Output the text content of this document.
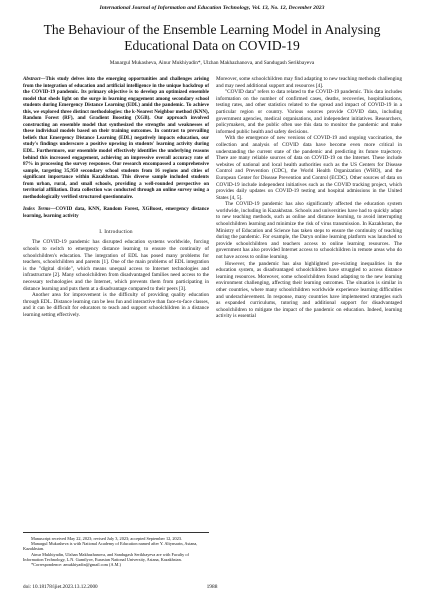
International Journal of Information and Education Technology, Vol. 13, No. 12, December 2023
The Behaviour of the Ensemble Learning Model in Analysing Educational Data on COVID-19
Manargul Mukasheva, Ainur Mukhiyadin*, Ulzhan Makhazhanova, and Sandugash Serikbayeva

Abstract—This study delves into the emerging opportunities and challenges arising from the integration of education and artificial intelligence in the unique backdrop of the COVID-19 pandemic. Its primary objective is to develop an optimized ensemble model that sheds light on the surge in learning engagement among secondary school students during Emergency Distance Learning (EDL) amid the pandemic. To achieve this, we explored three distinct methodologies: the k-Nearest Neighbor method (KNN), Random Forest (RF), and Gradient Boosting (XGB). Our approach involved constructing an ensemble model that synthesized the strengths and weaknesses of these individual models based on their training outcomes. In contrast to prevailing beliefs that Emergency Distance Learning (EDL) negatively impacts education, our study's findings underscore a positive upswing in students' learning activity during EDL. Furthermore, our ensemble model effectively identifies the underlying reasons behind this increased engagement, achieving an impressive overall accuracy rate of 87% in processing the survey responses. Our research encompassed a comprehensive sample, targeting 35,950 secondary school students from 16 regions and cities of significant importance within Kazakhstan. This diverse sample included students from urban, rural, and small schools, providing a well-rounded perspective on territorial affiliation. Data collection was conducted through an online survey using a methodologically verified structured questionnaire.

Index Terms—COVID data, KNN, Random Forest, XGBoost, emergency distance learning, learning activity

I. Introduction

The COVID-19 pandemic has disrupted education systems worldwide, forcing schools to switch to emergency distance learning to ensure the continuity of schoolchildren's education. The integration of EDL has posed many problems for teachers, schoolchildren and parents [1]. One of the main problems of EDL integration is the "digital divide", which means unequal access to Internet technologies and infrastructure [2]. Many schoolchildren from disadvantaged families need access to the necessary technologies and the Internet, which prevents them from participating in distance learning and puts them at a disadvantage compared to their peers [3].

Another area for improvement is the difficulty of providing quality education through EDL. Distance learning can be less fun and interactive than face-to-face classes, and it can be difficult for educators to teach and support schoolchildren in a distance learning setting effectively.

Moreover, some schoolchildren may find adapting to new teaching methods challenging and may need additional support and resources [4].

"COVID data" refers to data related to the COVID-19 pandemic. This data includes information on the number of confirmed cases, deaths, recoveries, hospitalisations, testing rates, and other statistics related to the spread and impact of COVID-19 in a particular region or country. Various sources provide COVID data, including government agencies, medical organisations, and independent initiatives. Researchers, policymakers, and the public often use this data to monitor the pandemic and make informed public health and safety decisions.

With the emergence of new versions of COVID-19 and ongoing vaccination, the collection and analysis of COVID data have become even more critical in understanding the current state of the pandemic and predicting its future trajectory. There are many reliable sources of data on COVID-19 on the Internet. These include websites of national and local health authorities such as the US Centers for Disease Control and Prevention (CDC), the World Health Organization (WHO), and the European Center for Disease Prevention and Control (ECDC). Other sources of data on COVID-19 include independent initiatives such as the COVID tracking project, which provides daily updates on COVID-19 testing and hospital admissions in the United States [4, 5].

The COVID-19 pandemic has also significantly affected the education system worldwide, including in Kazakhstan. Schools and universities have had to quickly adapt to new teaching methods, such as online and distance learning, to avoid interrupting schoolchildren learning and minimize the risk of virus transmission. In Kazakhstan, the Ministry of Education and Science has taken steps to ensure the continuity of teaching during the pandemic. For example, the Daryn online learning platform was launched to provide schoolchildren and teachers access to online learning resources. The government has also provided Internet access to schoolchildren in remote areas who do not have access to online learning.

However, the pandemic has also highlighted pre-existing inequalities in the education system, as disadvantaged schoolchildren have struggled to access distance learning resources. Moreover, some schoolchildren found adapting to the new learning environment challenging, affecting their learning outcomes. The situation is similar in other countries, where many schoolchildren worldwide experience learning difficulties and underachievement. In response, many countries have implemented strategies such as expanded curriculums, tutoring and additional support for disadvantaged schoolchildren to mitigate the impact of the pandemic on education. Indeed, learning activity is essential

Manuscript received May 22, 2023; revised July 3, 2023; accepted September 12, 2023.

Manargul Mukasheva is with National Academy of Education named after Y. Altynsarin, Astana, Kazakhstan.

Ainur Mukhiyadin, Ulzhan Makhazhanova, and Sandugash Serikbayeva are with Faculty of Information Technology, L.N. Gumilyov, Eurasian National University, Astana, Kazakhstan.

*Correspondence: amukhiyadin@gmail.com (A.M.)

doi: 10.18178/ijiet.2023.13.12.2000	1988
